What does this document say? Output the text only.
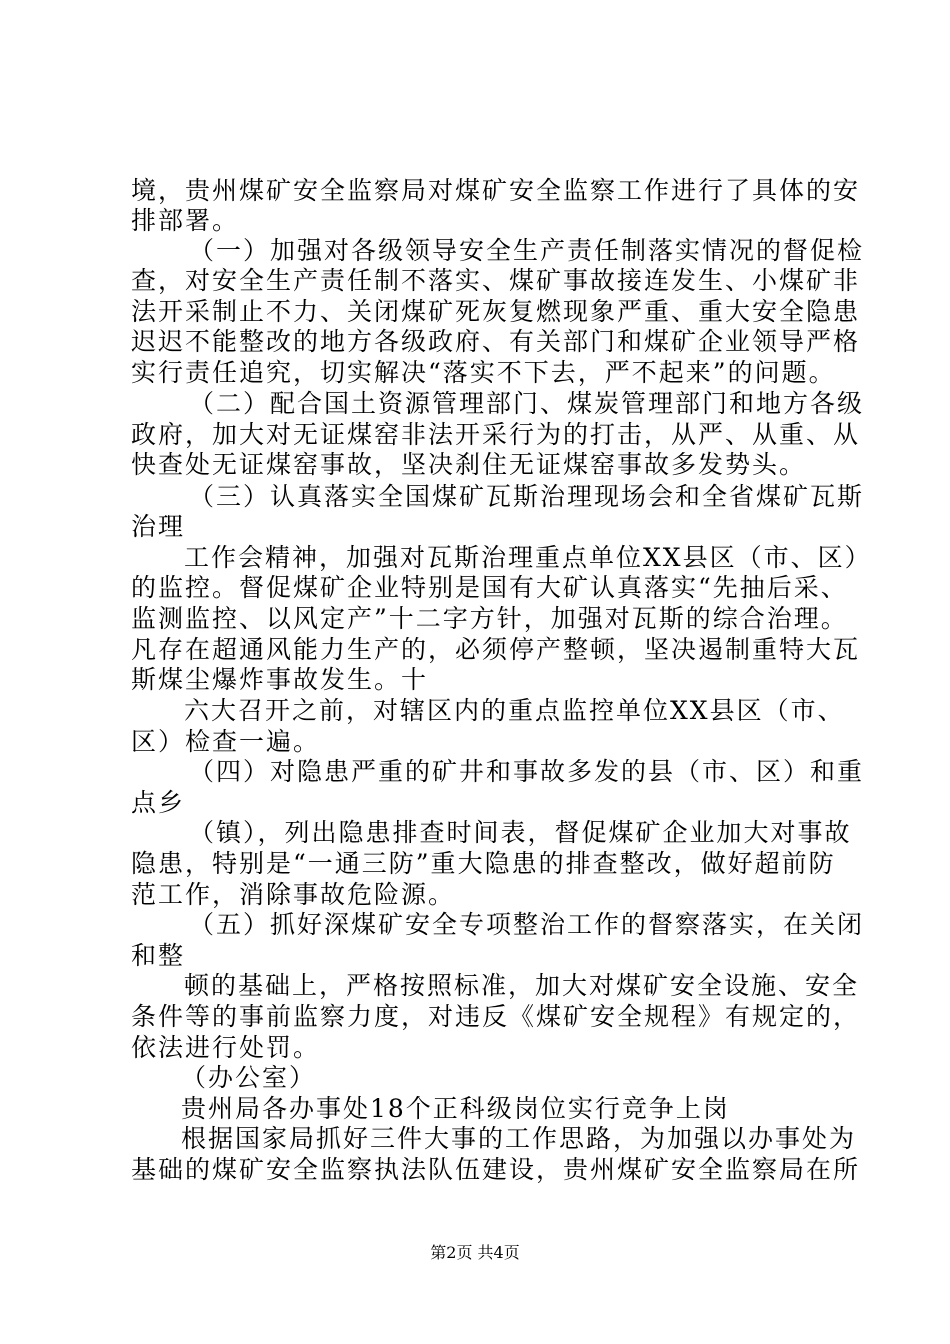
境，贵州煤矿安全监察局对煤矿安全监察工作进行了具体的安
排部署。
（一）加强对各级领导安全生产责任制落实情况的督促检
查，对安全生产责任制不落实、煤矿事故接连发生、小煤矿非
法开采制止不力、关闭煤矿死灰复燃现象严重、重大安全隐患
迟迟不能整改的地方各级政府、有关部门和煤矿企业领导严格
实行责任追究，切实解决“落实不下去，严不起来”的问题。
（二）配合国土资源管理部门、煤炭管理部门和地方各级
政府，加大对无证煤窑非法开采行为的打击，从严、从重、从
快查处无证煤窑事故，坚决刹住无证煤窑事故多发势头。
（三）认真落实全国煤矿瓦斯治理现场会和全省煤矿瓦斯
治理
工作会精神，加强对瓦斯治理重点单位XX县区（市、区）
的监控。督促煤矿企业特别是国有大矿认真落实“先抽后采、
监测监控、以风定产”十二字方针，加强对瓦斯的综合治理。
凡存在超通风能力生产的，必须停产整顿，坚决遏制重特大瓦
斯煤尘爆炸事故发生。十
六大召开之前，对辖区内的重点监控单位XX县区（市、
区）检查一遍。
（四）对隐患严重的矿井和事故多发的县（市、区）和重
点乡
（镇），列出隐患排查时间表，督促煤矿企业加大对事故
隐患，特别是“一通三防”重大隐患的排查整改，做好超前防
范工作，消除事故危险源。
（五）抓好深煤矿安全专项整治工作的督察落实，在关闭
和整
顿的基础上，严格按照标准，加大对煤矿安全设施、安全
条件等的事前监察力度，对违反《煤矿安全规程》有规定的，
依法进行处罚。
（办公室）
贵州局各办事处18个正科级岗位实行竞争上岗
根据国家局抓好三件大事的工作思路，为加强以办事处为
基础的煤矿安全监察执法队伍建设，贵州煤矿安全监察局在所
第2页 共4页
